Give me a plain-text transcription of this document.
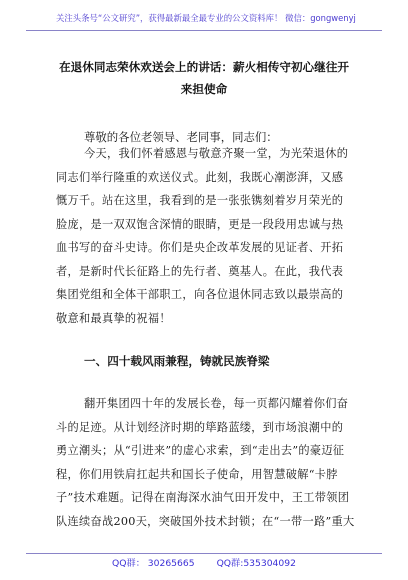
关注头条号“公文研究”，获得最新最全最专业的公文资料库！ 微信：gongwenyj
在退休同志荣休欢送会上的讲话：薪火相传守初心继往开
来担使命
尊敬的各位老领导、老同事，同志们：
今天，我们怀着感恩与敬意齐聚一堂，为光荣退休的
同志们举行隆重的欢送仪式。此刻，我既心潮澎湃，又感
慨万千。站在这里，我看到的是一张张镌刻着岁月荣光的
脸庞，是一双双饱含深情的眼睛，更是一段段用忠诚与热
血书写的奋斗史诗。你们是央企改革发展的见证者、开拓
者，是新时代长征路上的先行者、奠基人。在此，我代表
集团党组和全体干部职工，向各位退休同志致以最崇高的
敬意和最真挚的祝福！
一、四十载风雨兼程，铸就民族脊梁
翻开集团四十年的发展长卷，每一页都闪耀着你们奋
斗的足迹。从计划经济时期的筚路蓝缕，到市场浪潮中的
勇立潮头；从“引进来”的虚心求索，到“走出去”的豪迈征
程，你们用铁肩扛起共和国长子使命，用智慧破解“卡脖
子”技术难题。记得在南海深水油气田开发中，王工带领团
队连续奋战200天，突破国外技术封锁；在“一带一路”重大
QQ群： 30265665 QQ群:535304092
